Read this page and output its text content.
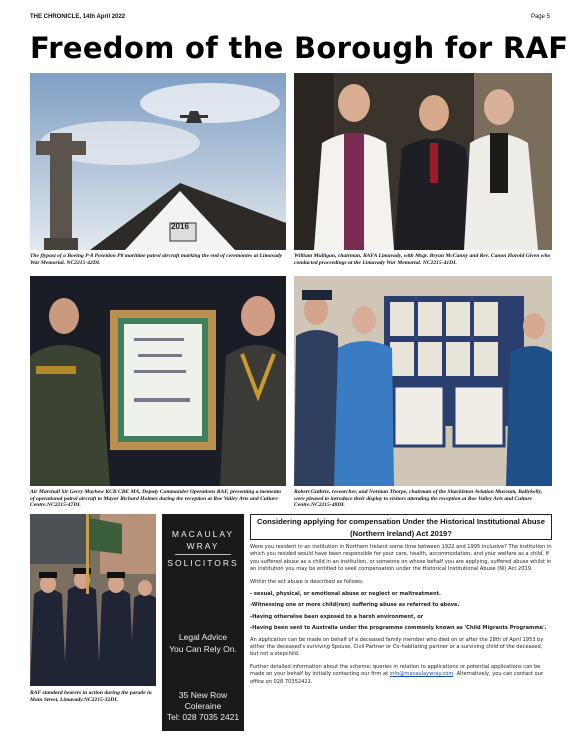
THE CHRONICLE, 14th April 2022	Page 5
Freedom of the Borough for RAF
2016
The flypast of a Boeing P-8 Poseidon P8 maritime patrol aircraft marking the end of ceremonies at Limavady War Memorial. NC2215-42DL
William Mulligan, chairman, RAFA Limavady, with Msgr. Bryan McCanny and Rev. Canon Harold Given who conducted proceedings at the Limavady War Memorial. NC2215-41DL
Air Marshall Sir Gerry Mayhew KCB CBE MA, Deputy Commander Operations RAF, presenting a memento of operational patrol aircraft to Mayor Richard Holmes during the reception at Roe Valley Arts and Culture Centre.NC2215-47DL
Robert Guthrie, researcher, and Norman Thorpe, chairman of the Shackleton Aviation Museum, Ballykelly, were pleased to introduce their display to visitors attending the reception at Roe Valley Arts and Culture Centre.NC2215-48DL
RAF standard bearers in action during the parade in Main Street, Limavady.NC2215-32DL
MACAULAY
WRAY
SOLICITORS
Legal Advice
You Can Rely On.
35 New Row
Coleraine
Tel: 028 7035 2421
Considering applying for compensation Under the Historical Institutional Abuse
(Northern Ireland) Act 2019?

Were you resident in an institution in Northern Ireland some time between 1922 and 1995 inclusive? The institution in which you resided would have been responsible for your care, health, accommodation, and your welfare as a child. If you suffered abuse as a child in an institution, or someone on whose behalf you are applying, suffered abuse whilst in an institution you may be entitled to seek compensation under the Historical Institutional Abuse (NI) Act 2019.

Within the act abuse is described as follows:

- sexual, physical, or emotional abuse or neglect or maltreatment.

-Witnessing one or more child(ren) suffering abuse as referred to above.

-Having otherwise been exposed to a harsh environment, or

-Having been sent to Australia under the programme commonly known as 'Child Migrants Programme'.

An application can be made on behalf of a deceased family member who died on or after the 28th of April 1953 by either the deceased's surviving Spouse, Civil Partner or Co-habitating partner or a surviving child of the deceased, but not a stepchild.

Further detailed information about the scheme; queries in relation to applications or potential applications can be made on your behalf by initially contacting our firm at info@macaulaywray.com. Alternatively, you can contact our office on 028 70352421.
